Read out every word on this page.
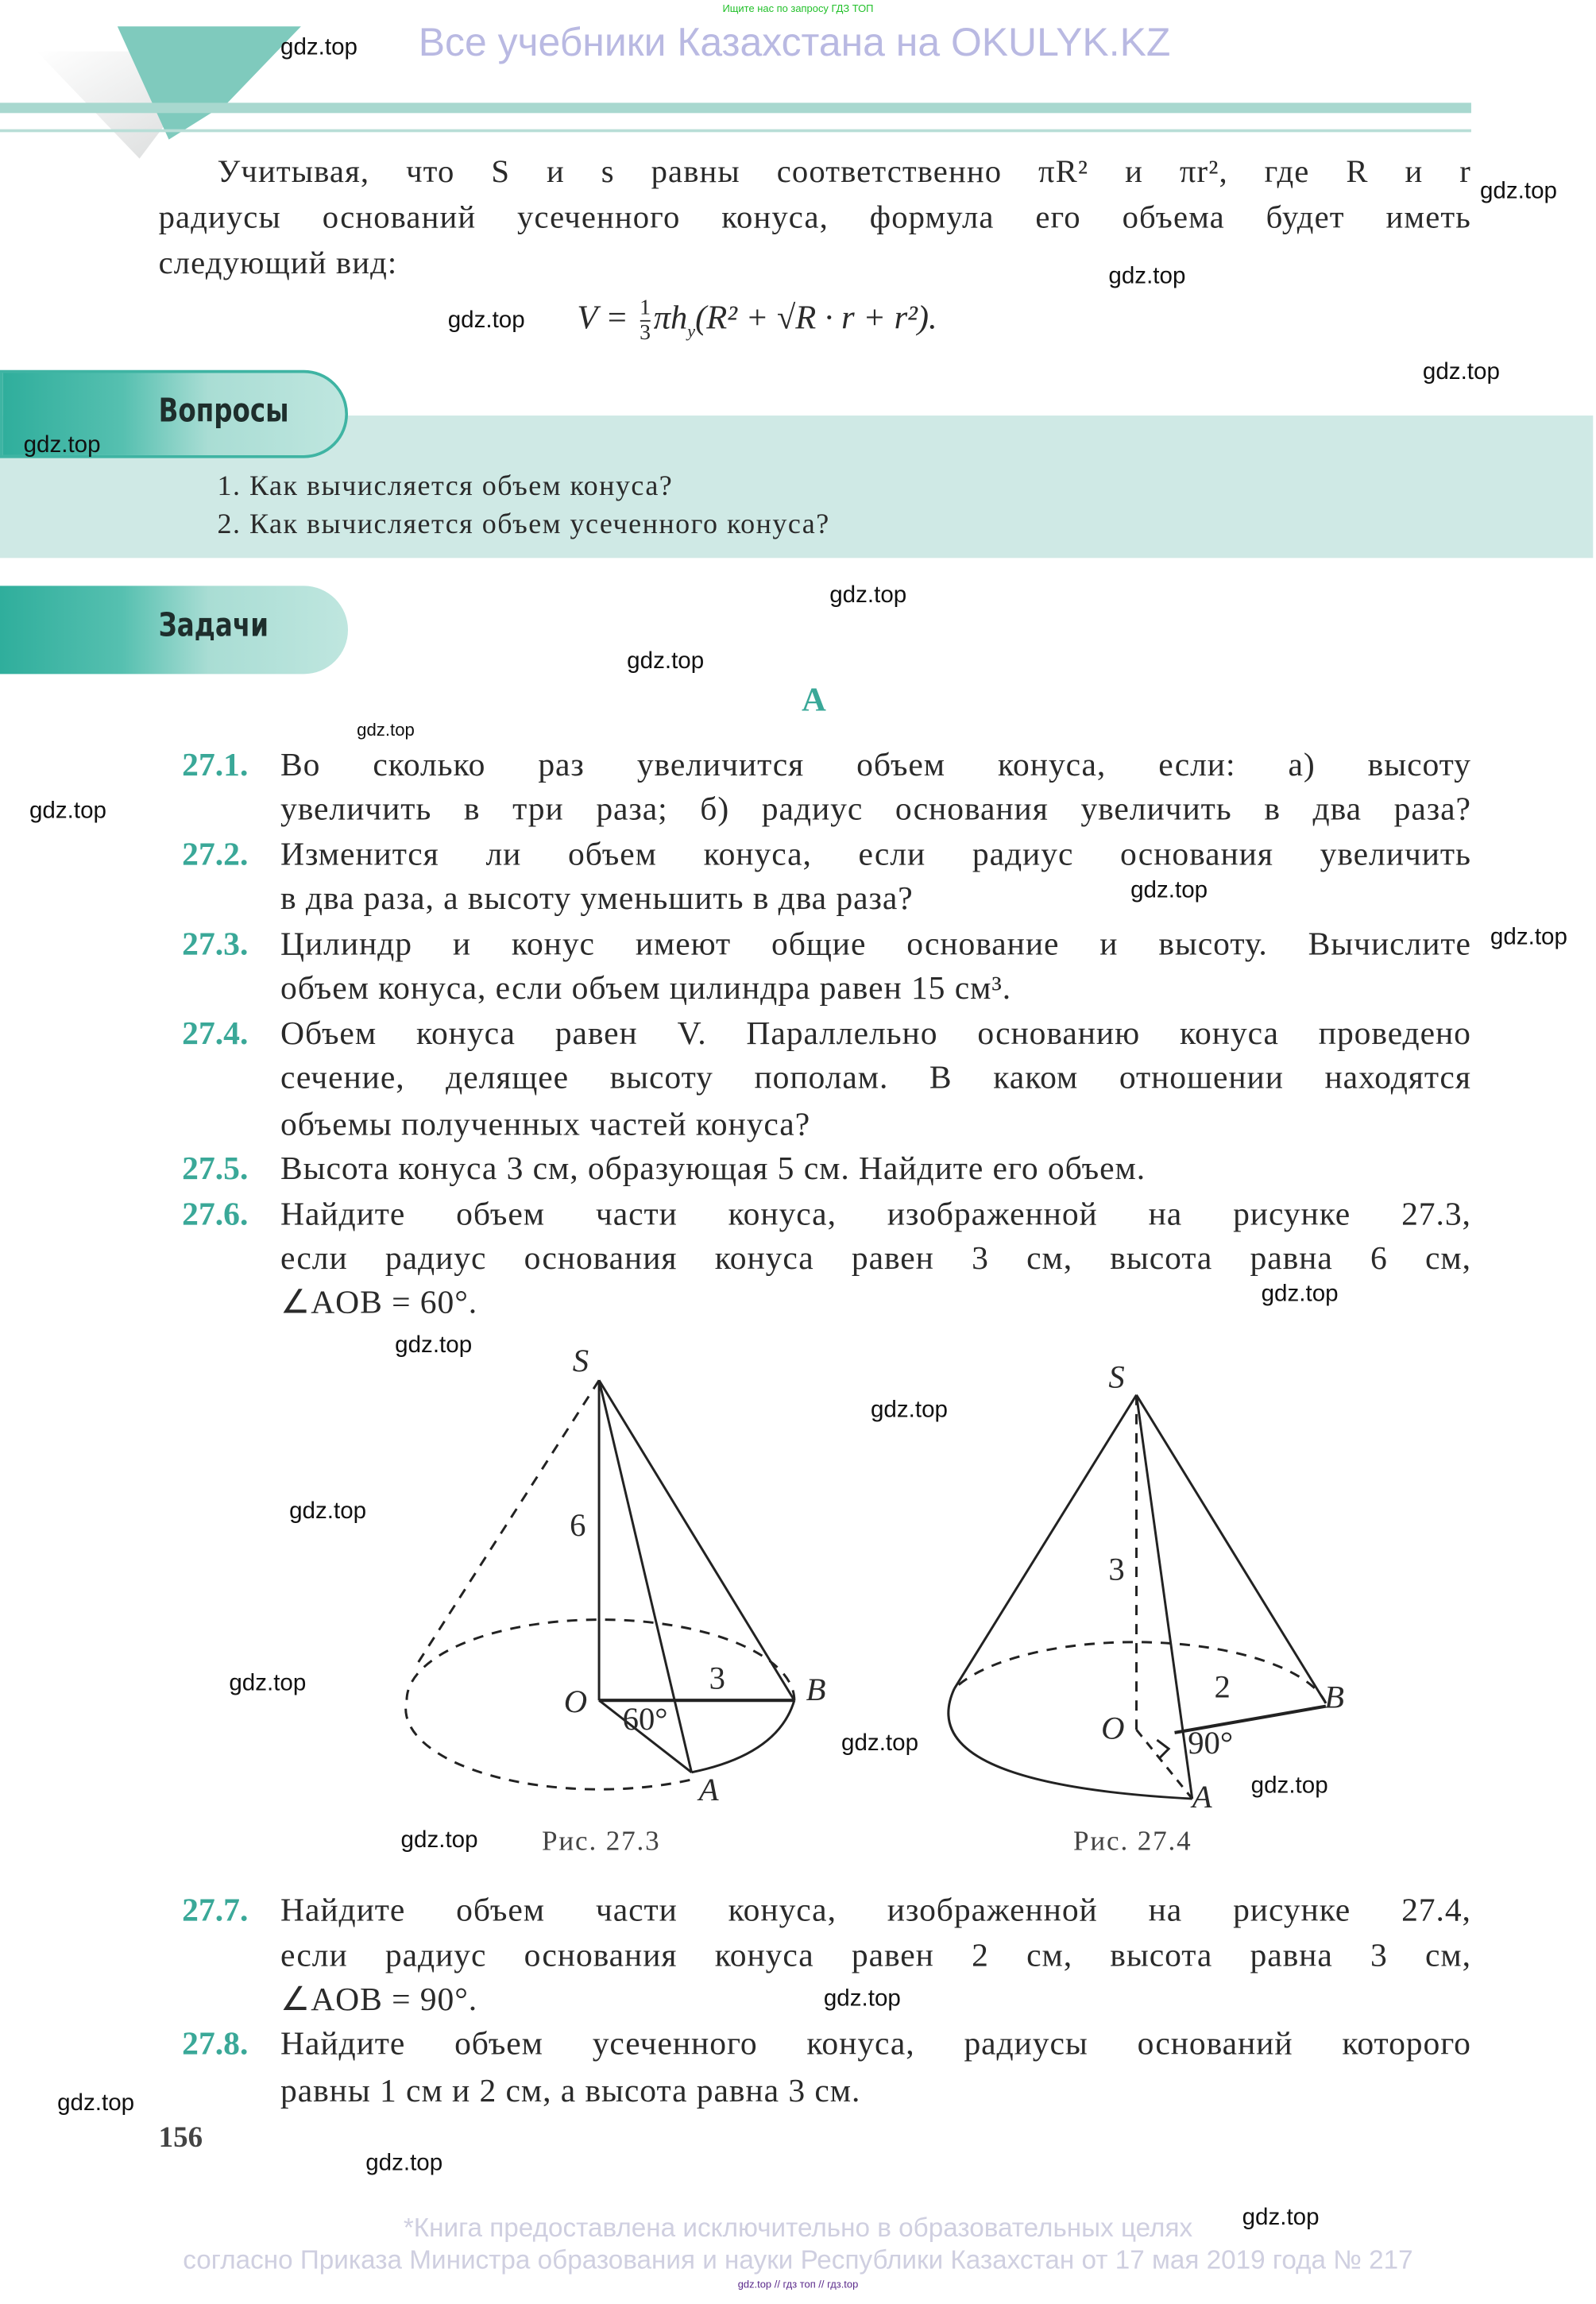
Ищите нас по запросу ГДЗ ТОП
Все учебники Казахстана на OKULYK.KZ
Учитывая, что S и s равны соответственно πR² и πr², где R и r
радиусы оснований усеченного конуса, формула его объема будет иметь
следующий вид:
$V = \frac{1}{3} \pi h_у(R^2 + √R \cdot r + r^2)$.
Вопросы
1. Как вычисляется объем конуса?
2. Как вычисляется объем усеченного конуса?
Задачи
A
27.1. Во сколько раз увеличится объем конуса, если: а) высоту
увеличить в три раза; б) радиус основания увеличить в два раза?
27.2. Изменится ли объем конуса, если радиус основания увеличить
в два раза, а высоту уменьшить в два раза?
27.3. Цилиндр и конус имеют общие основание и высоту. Вычислите
объем конуса, если объем цилиндра равен 15 см³.
27.4. Объем конуса равен V. Параллельно основанию конуса проведено
сечение, делящее высоту пополам. В каком отношении находятся
объемы полученных частей конуса?
27.5. Высота конуса 3 см, образующая 5 см. Найдите его объем.
27.6. Найдите объем части конуса, изображенной на рисунке 27.3,
если радиус основания конуса равен 3 см, высота равна 6 см,
∠AOB = 60°.
S
6
3
O	B
60°
A
Рис. 27.3
S
3
2
O
B
90°
A
Рис. 27.4
27.7. Найдите объем части конуса, изображенной на рисунке 27.4,
если радиус основания конуса равен 2 см, высота равна 3 см,
∠AOB = 90°.
27.8. Найдите объем усеченного конуса, радиусы оснований которого
равны 1 см и 2 см, а высота равна 3 см.
156
*Книга предоставлена исключительно в образовательных целях
согласно Приказа Министра образования и науки Республики Казахстан от 17 мая 2019 года № 217
gdz.top // гдз топ // гдз.top
gdz.top
gdz.top
gdz.top
gdz.top
gdz.top
gdz.top
gdz.top
gdz.top
gdz.top
gdz.top
gdz.top
gdz.top
gdz.top
gdz.top
gdz.top
gdz.top
gdz.top
gdz.top
gdz.top
gdz.top
gdz.top
gdz.top
gdz.top
gdz.top
